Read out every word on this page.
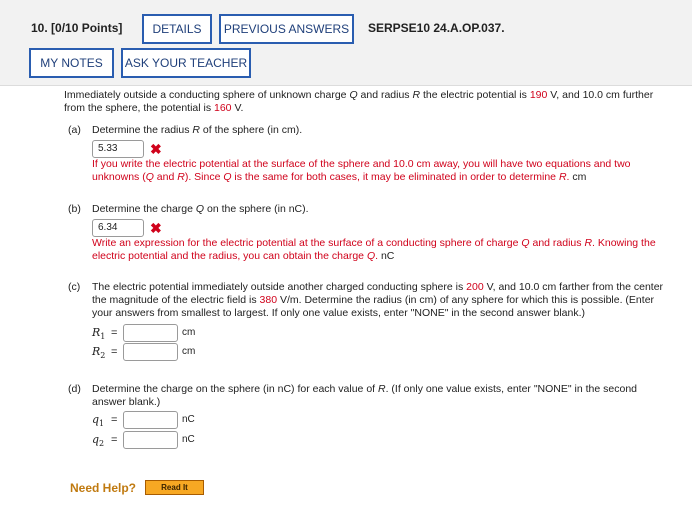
10. [0/10 Points]	DETAILS	PREVIOUS ANSWERS	SERPSE10 24.A.OP.037.
MY NOTES	ASK YOUR TEACHER
Immediately outside a conducting sphere of unknown charge Q and radius R the electric potential is 190 V, and 10.0 cm further from the sphere, the potential is 160 V.
(a) Determine the radius R of the sphere (in cm).
5.33	✖
If you write the electric potential at the surface of the sphere and 10.0 cm away, you will have two equations and two unknowns (Q and R). Since Q is the same for both cases, it may be eliminated in order to determine R. cm
(b) Determine the charge Q on the sphere (in nC).
6.34	✖
Write an expression for the electric potential at the surface of a conducting sphere of charge Q and radius R. Knowing the electric potential and the radius, you can obtain the charge Q. nC
(c) The electric potential immediately outside another charged conducting sphere is 200 V, and 10.0 cm farther from the center the magnitude of the electric field is 380 V/m. Determine the radius (in cm) of any sphere for which this is possible. (Enter your answers from smallest to largest. If only one value exists, enter "NONE" in the second answer blank.)
$R_1$ =	cm
$R_2$ =	cm
(d) Determine the charge on the sphere (in nC) for each value of R. (If only one value exists, enter "NONE" in the second answer blank.)
$q_1$ =	nC
$q_2$ =	nC
Need Help?	Read It
